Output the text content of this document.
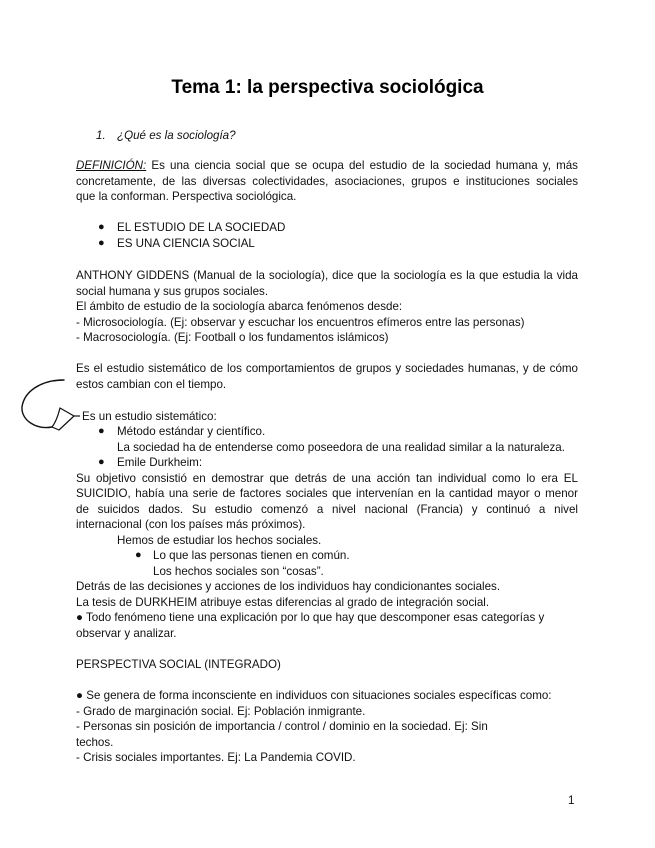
Tema 1: la perspectiva sociológica
1. ¿Qué es la sociología?
DEFINICIÓN: Es una ciencia social que se ocupa del estudio de la sociedad humana y, más
concretamente, de las diversas colectividades, asociaciones, grupos e instituciones sociales
que la conforman. Perspectiva sociológica.
● EL ESTUDIO DE LA SOCIEDAD
● ES UNA CIENCIA SOCIAL
ANTHONY GIDDENS (Manual de la sociología), dice que la sociología es la que estudia la vida
social humana y sus grupos sociales.
El ámbito de estudio de la sociología abarca fenómenos desde:
- Microsociología. (Ej: observar y escuchar los encuentros efímeros entre las personas)
- Macrosociología. (Ej: Football o los fundamentos islámicos)
Es el estudio sistemático de los comportamientos de grupos y sociedades humanas, y de cómo
estos cambian con el tiempo.
Es un estudio sistemático:
● Método estándar y científico.
La sociedad ha de entenderse como poseedora de una realidad similar a la naturaleza.
● Emile Durkheim:
Su objetivo consistió en demostrar que detrás de una acción tan individual como lo era EL
SUICIDIO, había una serie de factores sociales que intervenían en la cantidad mayor o menor
de suicidos dados. Su estudio comenzó a nivel nacional (Francia) y continuó a nivel
internacional (con los países más próximos).
Hemos de estudiar los hechos sociales.
● Lo que las personas tienen en común.
Los hechos sociales son “cosas”.
Detrás de las decisiones y acciones de los individuos hay condicionantes sociales.
La tesis de DURKHEIM atribuye estas diferencias al grado de integración social.
● Todo fenómeno tiene una explicación por lo que hay que descomponer esas categorías y
observar y analizar.
PERSPECTIVA SOCIAL (INTEGRADO)
● Se genera de forma inconsciente en individuos con situaciones sociales específicas como:
- Grado de marginación social. Ej: Población inmigrante.
- Personas sin posición de importancia / control / dominio en la sociedad. Ej: Sin
techos.
- Crisis sociales importantes. Ej: La Pandemia COVID.
1
